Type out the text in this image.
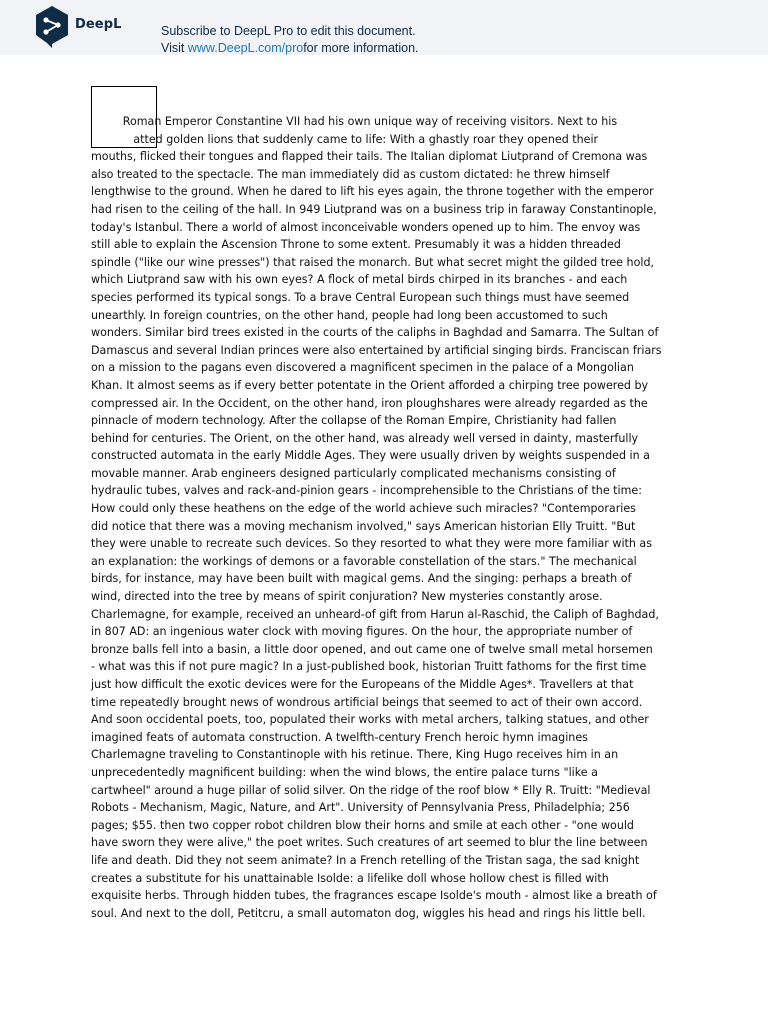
DeepL	Subscribe to DeepL Pro to edit this document.
Visit www.DeepL.com/profor more information.
Roman Emperor Constantine VII had his own unique way of receiving visitors. Next to his
atted golden lions that suddenly came to life: With a ghastly roar they opened their
mouths, flicked their tongues and flapped their tails. The Italian diplomat Liutprand of Cremona was
also treated to the spectacle. The man immediately did as custom dictated: he threw himself
lengthwise to the ground. When he dared to lift his eyes again, the throne together with the emperor
had risen to the ceiling of the hall. In 949 Liutprand was on a business trip in faraway Constantinople,
today's Istanbul. There a world of almost inconceivable wonders opened up to him. The envoy was
still able to explain the Ascension Throne to some extent. Presumably it was a hidden threaded
spindle ("like our wine presses") that raised the monarch. But what secret might the gilded tree hold,
which Liutprand saw with his own eyes? A flock of metal birds chirped in its branches - and each
species performed its typical songs. To a brave Central European such things must have seemed
unearthly. In foreign countries, on the other hand, people had long been accustomed to such
wonders. Similar bird trees existed in the courts of the caliphs in Baghdad and Samarra. The Sultan of
Damascus and several Indian princes were also entertained by artificial singing birds. Franciscan friars
on a mission to the pagans even discovered a magnificent specimen in the palace of a Mongolian
Khan. It almost seems as if every better potentate in the Orient afforded a chirping tree powered by
compressed air. In the Occident, on the other hand, iron ploughshares were already regarded as the
pinnacle of modern technology. After the collapse of the Roman Empire, Christianity had fallen
behind for centuries. The Orient, on the other hand, was already well versed in dainty, masterfully
constructed automata in the early Middle Ages. They were usually driven by weights suspended in a
movable manner. Arab engineers designed particularly complicated mechanisms consisting of
hydraulic tubes, valves and rack-and-pinion gears - incomprehensible to the Christians of the time:
How could only these heathens on the edge of the world achieve such miracles? "Contemporaries
did notice that there was a moving mechanism involved," says American historian Elly Truitt. "But
they were unable to recreate such devices. So they resorted to what they were more familiar with as
an explanation: the workings of demons or a favorable constellation of the stars." The mechanical
birds, for instance, may have been built with magical gems. And the singing: perhaps a breath of
wind, directed into the tree by means of spirit conjuration? New mysteries constantly arose.
Charlemagne, for example, received an unheard-of gift from Harun al-Raschid, the Caliph of Baghdad,
in 807 AD: an ingenious water clock with moving figures. On the hour, the appropriate number of
bronze balls fell into a basin, a little door opened, and out came one of twelve small metal horsemen
- what was this if not pure magic? In a just-published book, historian Truitt fathoms for the first time
just how difficult the exotic devices were for the Europeans of the Middle Ages*. Travellers at that
time repeatedly brought news of wondrous artificial beings that seemed to act of their own accord.
And soon occidental poets, too, populated their works with metal archers, talking statues, and other
imagined feats of automata construction. A twelfth-century French heroic hymn imagines
Charlemagne traveling to Constantinople with his retinue. There, King Hugo receives him in an
unprecedentedly magnificent building: when the wind blows, the entire palace turns "like a
cartwheel" around a huge pillar of solid silver. On the ridge of the roof blow * Elly R. Truitt: "Medieval
Robots - Mechanism, Magic, Nature, and Art". University of Pennsylvania Press, Philadelphia; 256
pages; $55. then two copper robot children blow their horns and smile at each other - "one would
have sworn they were alive," the poet writes. Such creatures of art seemed to blur the line between
life and death. Did they not seem animate? In a French retelling of the Tristan saga, the sad knight
creates a substitute for his unattainable Isolde: a lifelike doll whose hollow chest is filled with
exquisite herbs. Through hidden tubes, the fragrances escape Isolde's mouth - almost like a breath of
soul. And next to the doll, Petitcru, a small automaton dog, wiggles his head and rings his little bell.
